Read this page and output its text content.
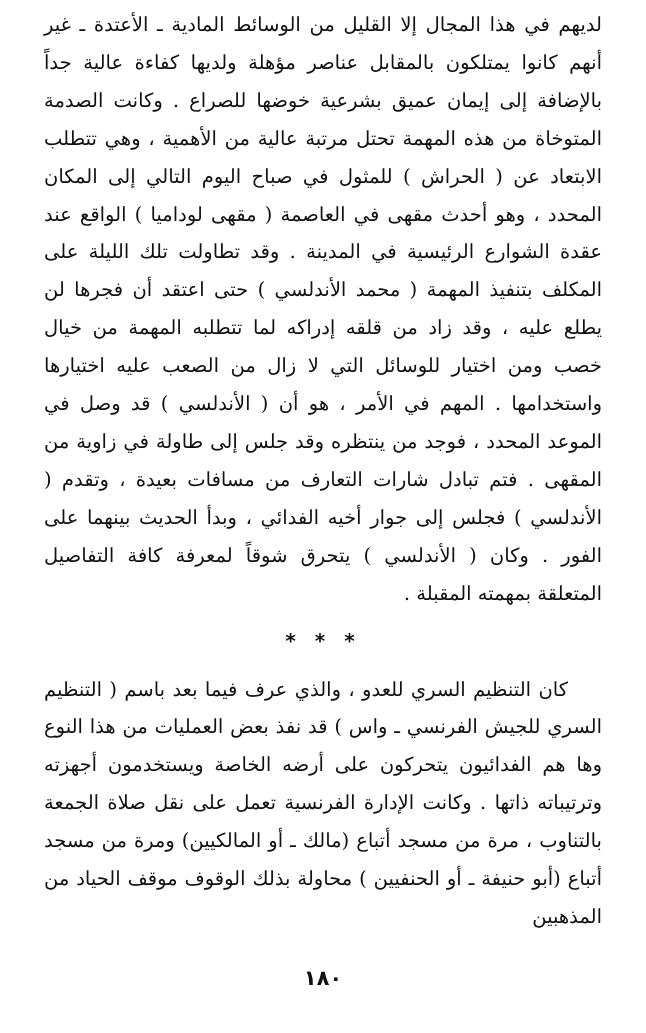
لديهم في هذا المجال إلا القليل من الوسائط المادية ـ الأعتدة ـ غير أنهم كانوا يمتلكون بالمقابل عناصر مؤهلة ولديها كفاءة عالية جداً بالإضافة إلى إيمان عميق بشرعية خوضها للصراع . وكانت الصدمة المتوخاة من هذه المهمة تحتل مرتبة عالية من الأهمية ، وهي تتطلب الابتعاد عن ( الحراش ) للمثول في صباح اليوم التالي إلى المكان المحدد ، وهو أحدث مقهى في العاصمة ( مقهى لوداميا ) الواقع عند عقدة الشوارع الرئيسية في المدينة . وقد تطاولت تلك الليلة على المكلف بتنفيذ المهمة ( محمد الأندلسي ) حتى اعتقد أن فجرها لن يطلع عليه ، وقد زاد من قلقه إدراكه لما تتطلبه المهمة من خيال خصب ومن اختيار للوسائل التي لا زال من الصعب عليه اختيارها واستخدامها . المهم في الأمر ، هو أن ( الأندلسي ) قد وصل في الموعد المحدد ، فوجد من ينتظره وقد جلس إلى طاولة في زاوية من المقهى . فتم تبادل شارات التعارف من مسافات بعيدة ، وتقدم ( الأندلسي ) فجلس إلى جوار أخيه الفدائي ، وبدأ الحديث بينهما على الفور . وكان ( الأندلسي ) يتحرق شوقاً لمعرفة كافة التفاصيل المتعلقة بمهمته المقبلة .

* * *

كان التنظيم السري للعدو ، والذي عرف فيما بعد باسم ( التنظيم السري للجيش الفرنسي ـ واس ) قد نفذ بعض العمليات من هذا النوع وها هم الفدائيون يتحركون على أرضه الخاصة ويستخدمون أجهزته وترتيباته ذاتها . وكانت الإدارة الفرنسية تعمل على نقل صلاة الجمعة بالتناوب ، مرة من مسجد أتباع (مالك ـ أو المالكيين) ومرة من مسجد أتباع (أبو حنيفة ـ أو الحنفيين ) محاولة بذلك الوقوف موقف الحياد من المذهبين

١٨٠
